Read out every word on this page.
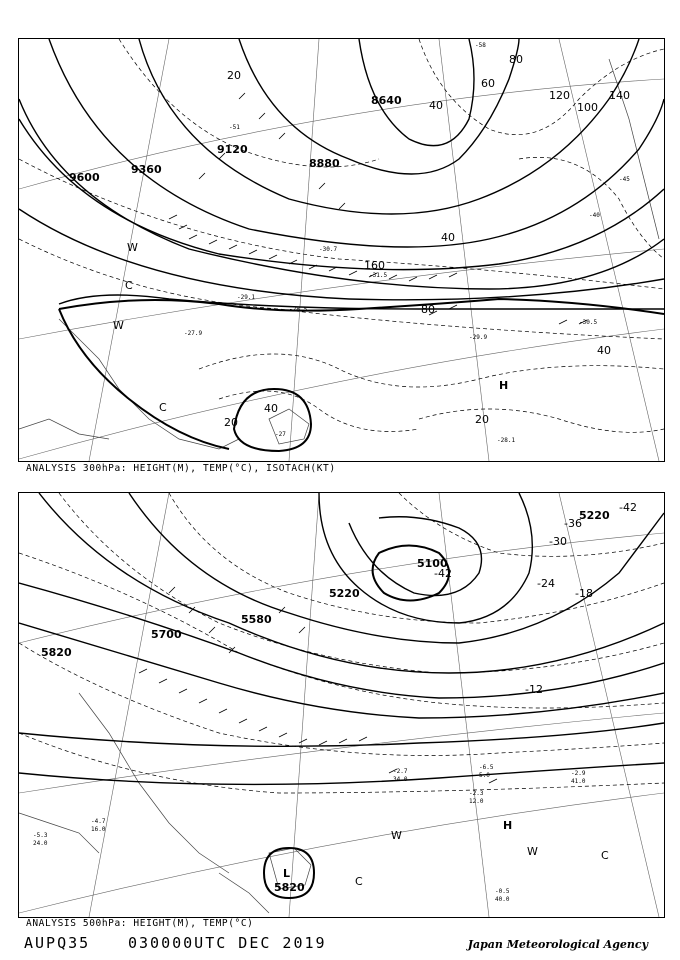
9600
9360
9120
8880
8640
20
40
60
80
100
120	140
160
40
20
40
80
40
20
H
W
W
C
C
-29.1
-30.7
-31.5
-27.9
-28.1
-30.5
-29.9
-28.5
-27
-45
-40
-58
-51
ANALYSIS 300hPa: HEIGHT(M), TEMP(°C), ISOTACH(KT)
5820
5700
5580
5220
5100
5820
5220
-42
-36
-30
-24
-18
-12
-42
H
L
W
W	C
C
-2.3
12.0
-0.5
40.0
-2.9
41.0
-6.5
5.0
-2.7
34.0
-4.7
16.0
-5.3
24.0
ANALYSIS 500hPa: HEIGHT(M), TEMP(°C)
AUPQ35	030000UTC DEC 2019	Japan Meteorological Agency
